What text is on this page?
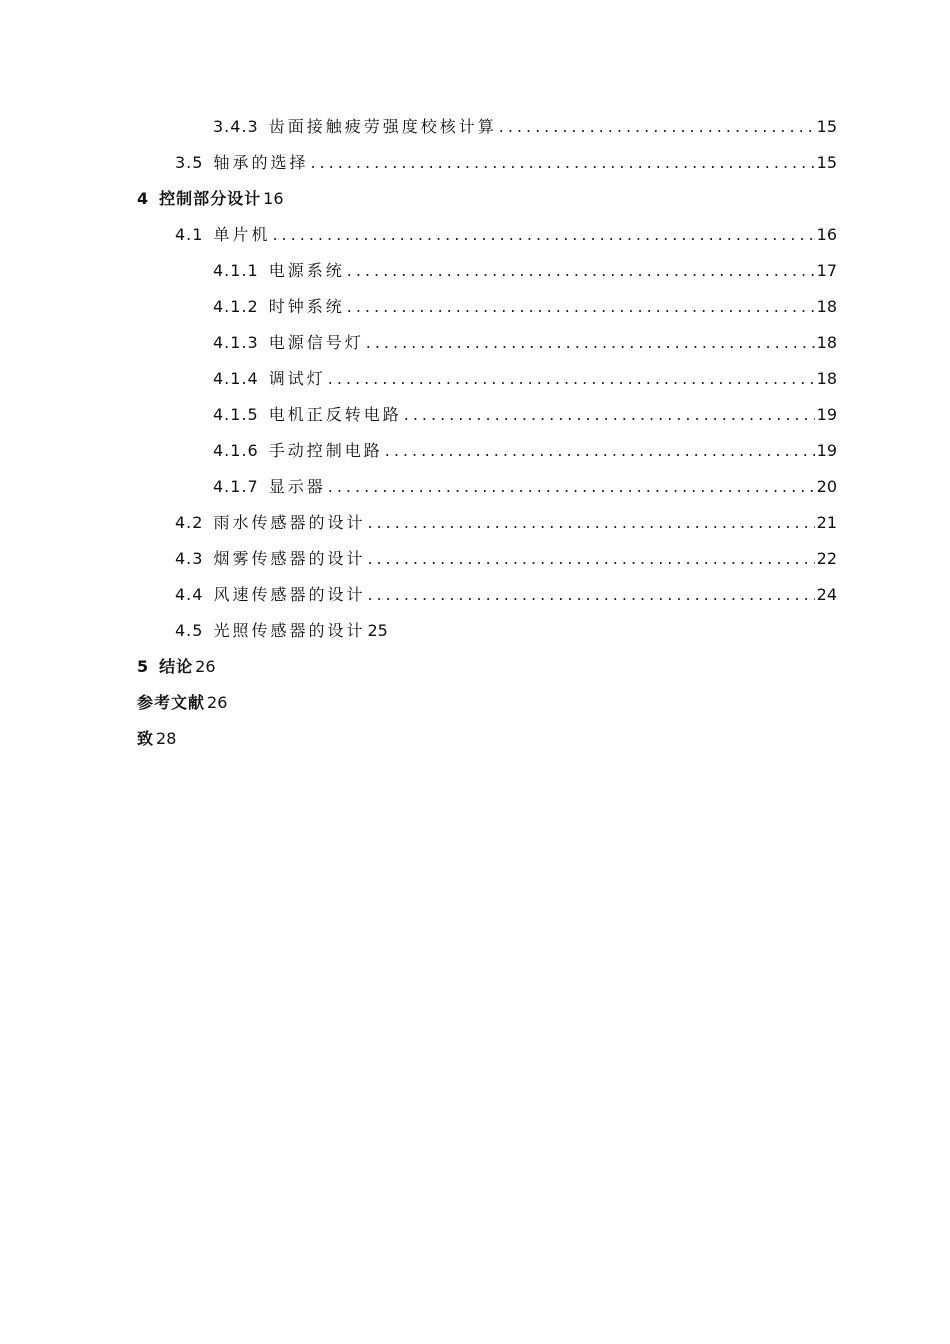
3.4.3 齿面接触疲劳强度校核计算 .....	15
3.5 轴承的选择 .....	15
4 控制部分设计 16
4.1 单片机 .....	16
4.1.1 电源系统 .....	17
4.1.2 时钟系统 .....	18
4.1.3 电源信号灯 .....	18
4.1.4 调试灯 .....	18
4.1.5 电机正反转电路 .....	19
4.1.6 手动控制电路 .....	19
4.1.7 显示器 .....	20
4.2 雨水传感器的设计 .....	21
4.3 烟雾传感器的设计 .....	22
4.4 风速传感器的设计 .....	24
4.5 光照传感器的设计 25
5 结论 26
参考文献 26
致 28
